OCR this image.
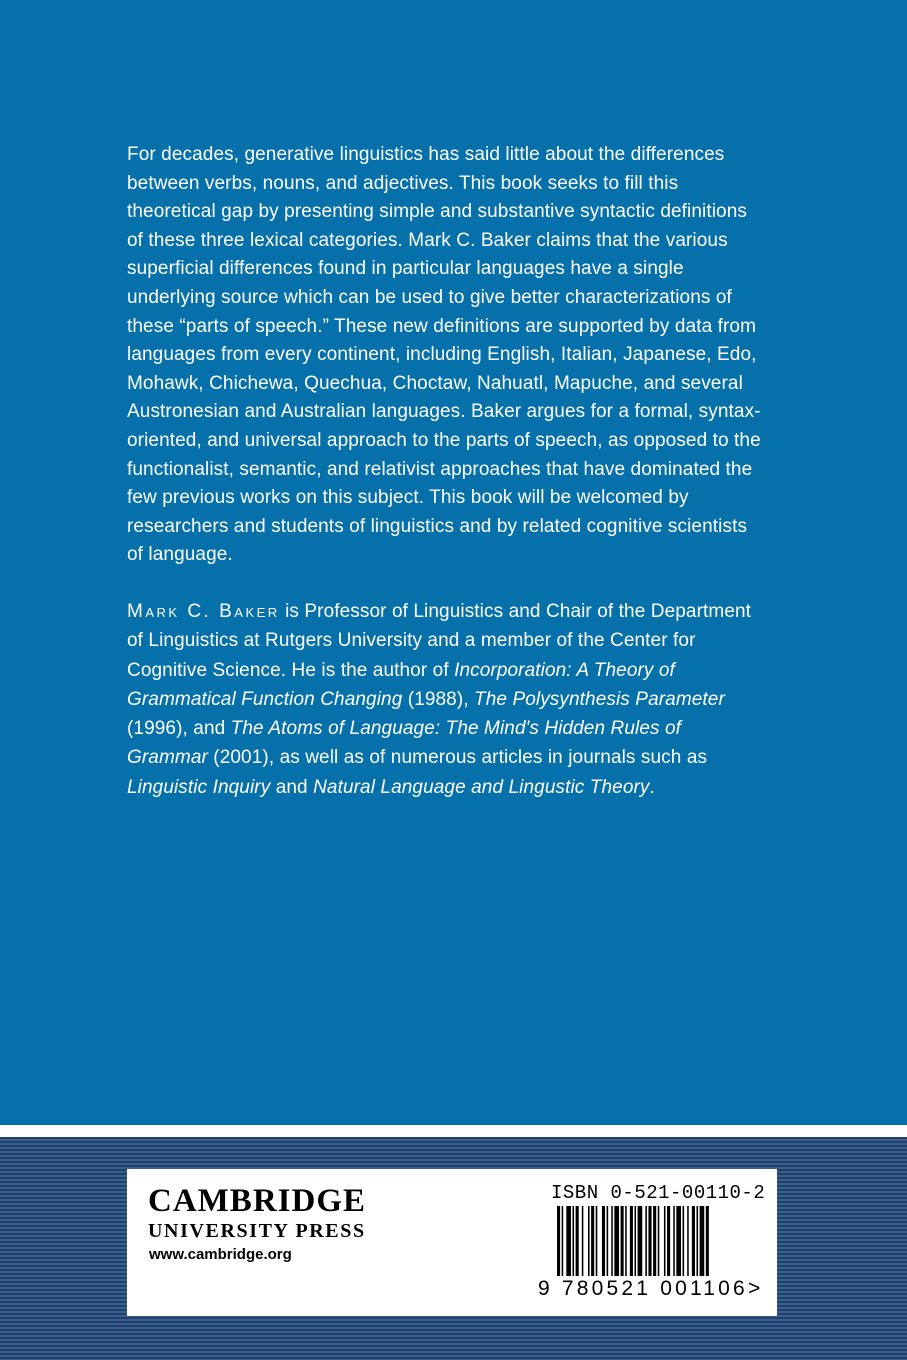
For decades, generative linguistics has said little about the differences between verbs, nouns, and adjectives. This book seeks to fill this theoretical gap by presenting simple and substantive syntactic definitions of these three lexical categories. Mark C. Baker claims that the various superficial differences found in particular languages have a single underlying source which can be used to give better characterizations of these “parts of speech.” These new definitions are supported by data from languages from every continent, including English, Italian, Japanese, Edo, Mohawk, Chichewa, Quechua, Choctaw, Nahuatl, Mapuche, and several Austronesian and Australian languages. Baker argues for a formal, syntax-oriented, and universal approach to the parts of speech, as opposed to the functionalist, semantic, and relativist approaches that have dominated the few previous works on this subject. This book will be welcomed by researchers and students of linguistics and by related cognitive scientists of language.

Mark C. Baker is Professor of Linguistics and Chair of the Department of Linguistics at Rutgers University and a member of the Center for Cognitive Science. He is the author of Incorporation: A Theory of Grammatical Function Changing (1988), The Polysynthesis Parameter (1996), and The Atoms of Language: The Mind's Hidden Rules of Grammar (2001), as well as of numerous articles in journals such as Linguistic Inquiry and Natural Language and Lingustic Theory.

CAMBRIDGE
UNIVERSITY PRESS
www.cambridge.org
ISBN 0-521-00110-2
9 780521 001106>
